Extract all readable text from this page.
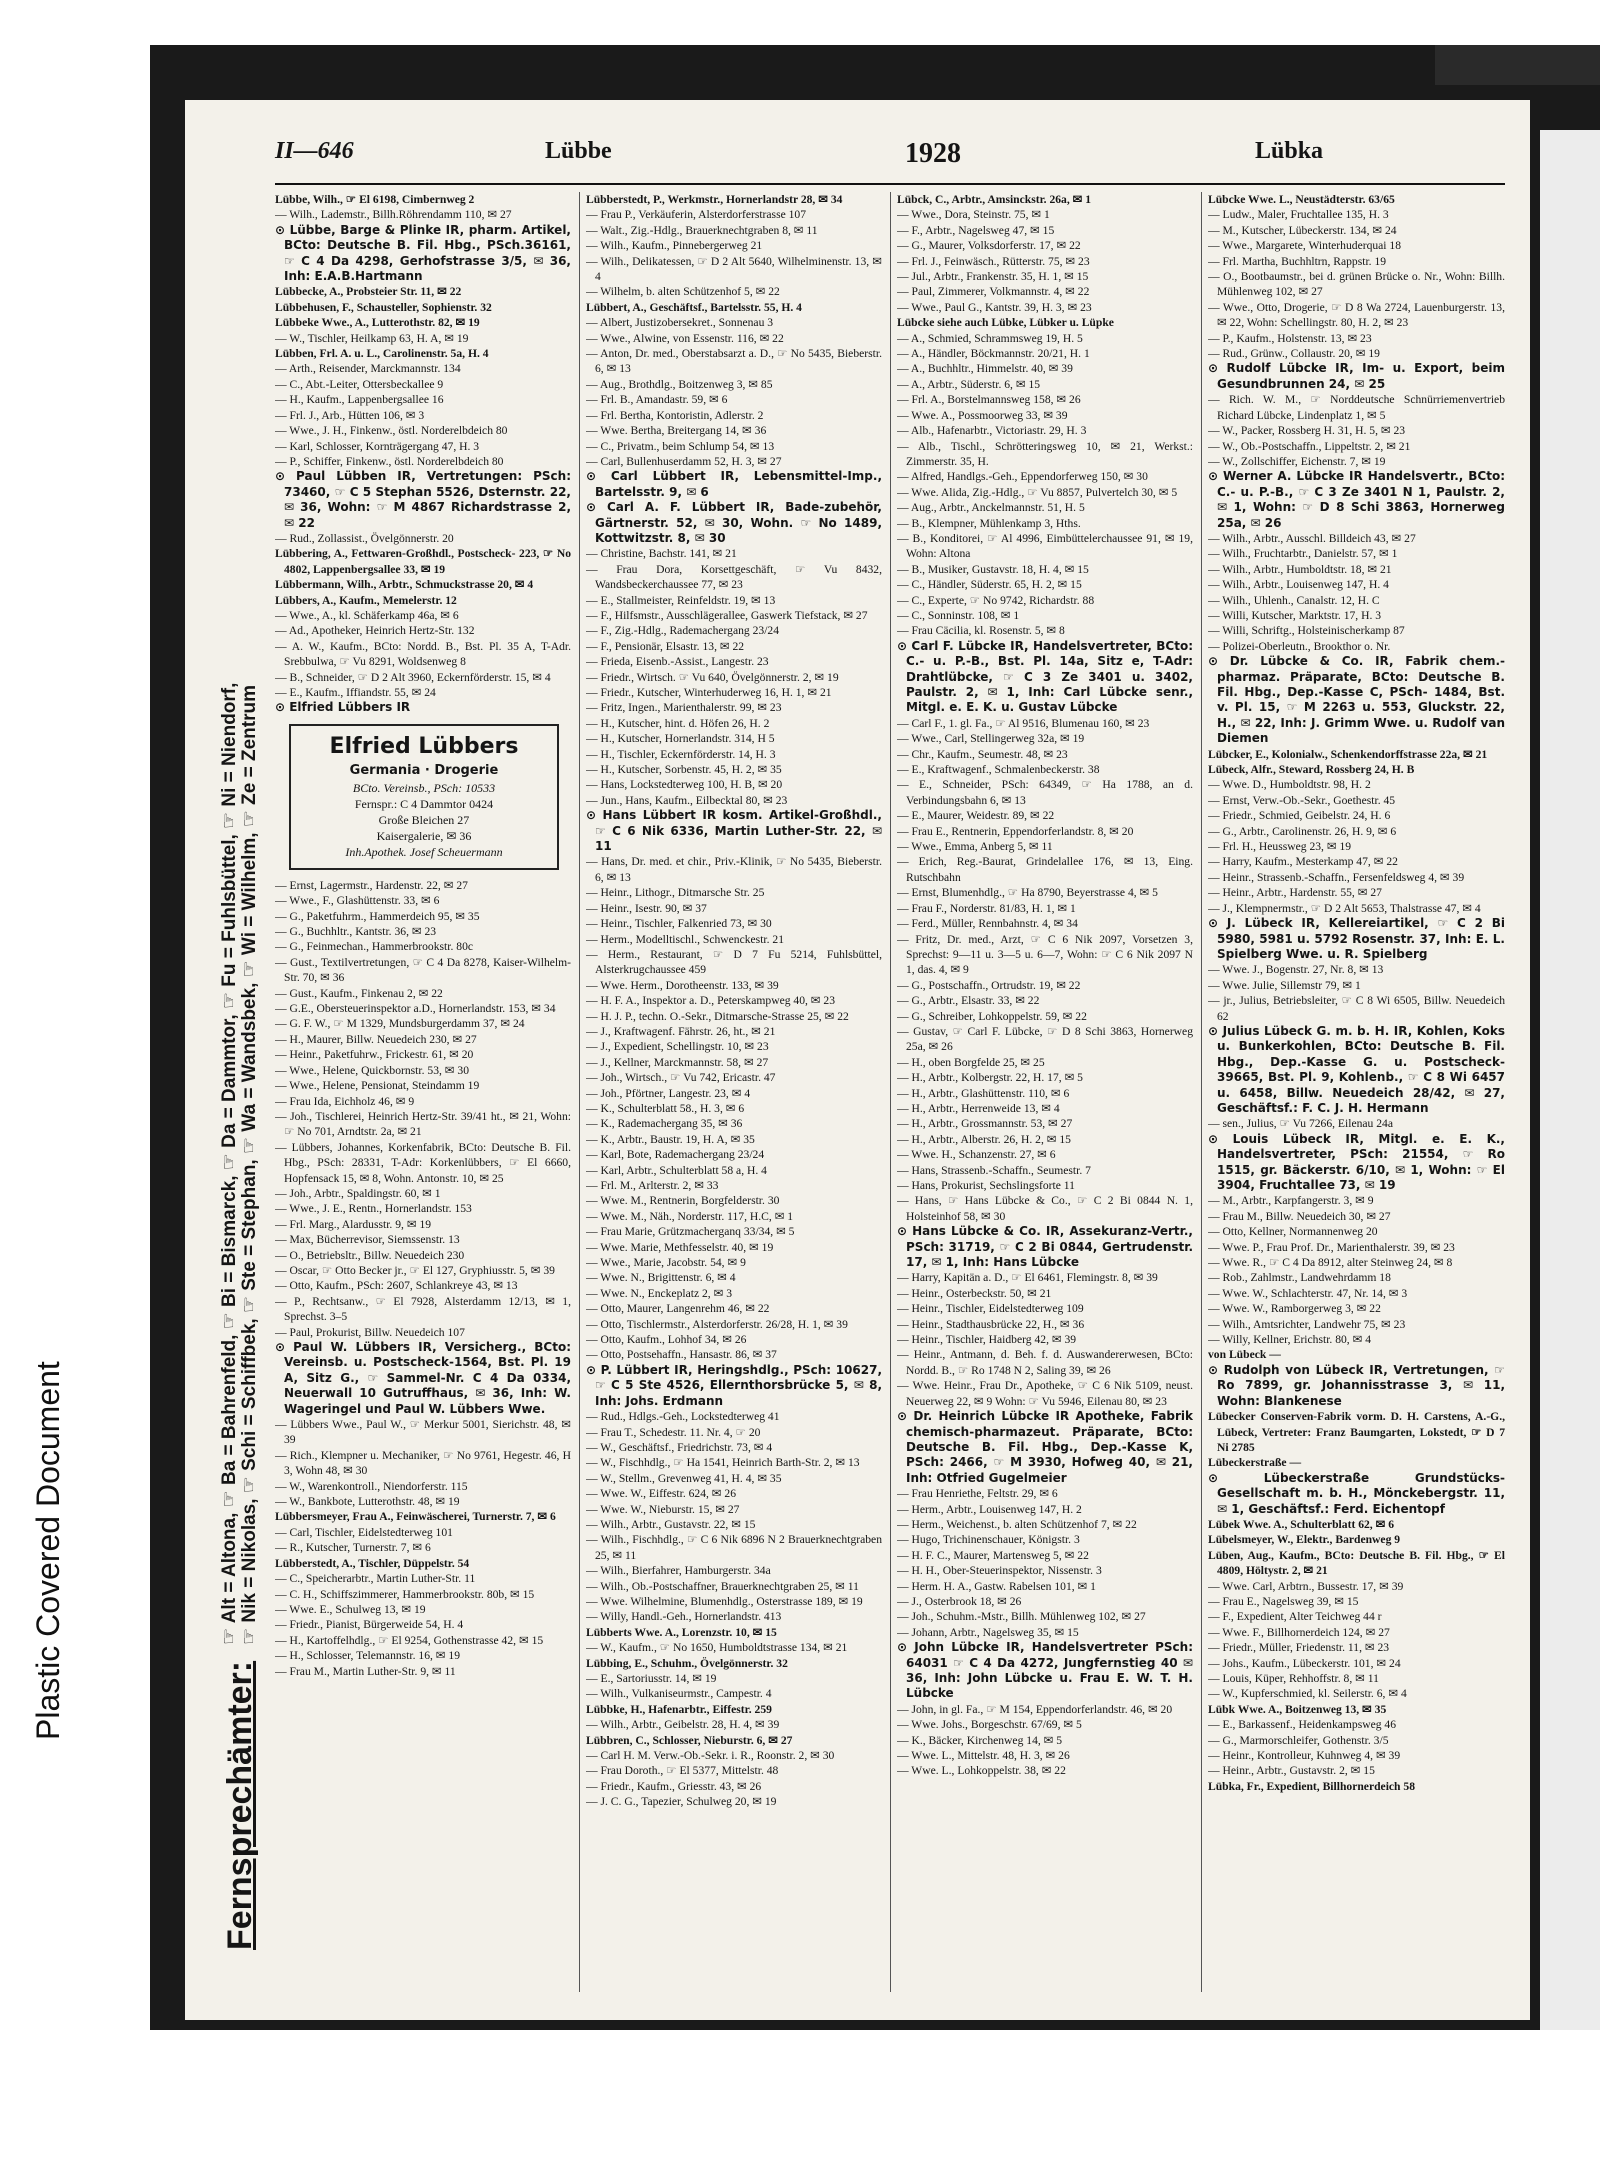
Plastic Covered Document
Fernsprechämter:
☞ Alt = Altona, ☞ Ba = Bahrenfeld, ☞ Bi = Bismarck, ☞ Da = Dammtor, ☞ Fu = Fuhlsbüttel, ☞ Ni = Niendorf,
☞ Nik = Nikolas, ☞ Schi = Schiffbek, ☞ Ste = Stephan, ☞ Wa = Wandsbek, ☞ Wi = Wilhelm, ☞ Ze = Zentrum
II—646	Lübbe	1928	Lübka

Lübbe, Wilh., ☞ El 6198, Cimbernweg 2

— Wilh., Lademstr., Billh.Röhrendamm 110, ✉ 27

⊙ Lübbe, Barge & Plinke IR, pharm. Artikel, BCto: Deutsche B. Fil. Hbg., PSch.36161, ☞ C 4 Da 4298, Gerhofstrasse 3/5, ✉ 36, Inh: E.A.B.Hartmann

Lübbecke, A., Probsteier Str. 11, ✉ 22

Lübbehusen, F., Schausteller, Sophienstr. 32

Lübbeke Wwe., A., Lutterothstr. 82, ✉ 19

— W., Tischler, Heilkamp 63, H. A, ✉ 19

Lübben, Frl. A. u. L., Carolinenstr. 5a, H. 4

— Arth., Reisender, Marckmannstr. 134

— C., Abt.-Leiter, Ottersbeckallee 9

— H., Kaufm., Lappenbergsallee 16

— Frl. J., Arb., Hütten 106, ✉ 3

— Wwe., J. H., Finkenw., östl. Norderelbdeich 80

— Karl, Schlosser, Kornträgergang 47, H. 3

— P., Schiffer, Finkenw., östl. Norderelbdeich 80

⊙ Paul Lübben IR, Vertretungen: PSch: 73460, ☞ C 5 Stephan 5526, Dsternstr. 22, ✉ 36, Wohn: ☞ M 4867 Richardstrasse 2, ✉ 22

— Rud., Zollassist., Övelgönnerstr. 20

Lübbering, A., Fettwaren-Großhdl., Postscheck- 223, ☞ No 4802, Lappenbergsallee 33, ✉ 19

Lübbermann, Wilh., Arbtr., Schmuckstrasse 20, ✉ 4

Lübbers, A., Kaufm., Memelerstr. 12

— Wwe., A., kl. Schäferkamp 46a, ✉ 6

— Ad., Apotheker, Heinrich Hertz-Str. 132

— A. W., Kaufm., BCto: Nordd. B., Bst. Pl. 35 A, T-Adr. Srebbulwa, ☞ Vu 8291, Woldsenweg 8

— B., Schneider, ☞ D 2 Alt 3960, Eckernförderstr. 15, ✉ 4

— E., Kaufm., Iffiandstr. 55, ✉ 24

⊙ Elfried Lübbers IR

Elfried Lübbers
Germania · Drogerie
BCto. Vereinsb., PSch: 10533
Fernspr.: C 4 Dammtor 0424
Große Bleichen 27
Kaisergalerie, ✉ 36
Inh.Apothek. Josef Scheuermann

— Ernst, Lagermstr., Hardenstr. 22, ✉ 27

— Wwe., F., Glashüttenstr. 33, ✉ 6

— G., Paketfuhrm., Hammerdeich 95, ✉ 35

— G., Buchhltr., Kantstr. 36, ✉ 23

— G., Feinmechan., Hammerbrookstr. 80c

— Gust., Textilvertretungen, ☞ C 4 Da 8278, Kaiser-Wilhelm-Str. 70, ✉ 36

— Gust., Kaufm., Finkenau 2, ✉ 22

— G.E., Obersteuerinspektor a.D., Hornerlandstr. 153, ✉ 34

— G. F. W., ☞ M 1329, Mundsburgerdamm 37, ✉ 24

— H., Maurer, Billw. Neuedeich 230, ✉ 27

— Heinr., Paketfuhrw., Frickestr. 61, ✉ 20

— Wwe., Helene, Quickbornstr. 53, ✉ 30

— Wwe., Helene, Pensionat, Steindamm 19

— Frau Ida, Eichholz 46, ✉ 9

— Joh., Tischlerei, Heinrich Hertz-Str. 39/41 ht., ✉ 21, Wohn: ☞ No 701, Arndtstr. 2a, ✉ 21

— Lübbers, Johannes, Korkenfabrik, BCto: Deutsche B. Fil. Hbg., PSch: 28331, T-Adr: Korkenlübbers, ☞ El 6660, Hopfensack 15, ✉ 8, Wohn. Antonstr. 10, ✉ 25

— Joh., Arbtr., Spaldingstr. 60, ✉ 1

— Wwe., J. E., Rentn., Hornerlandstr. 153

— Frl. Marg., Alardusstr. 9, ✉ 19

— Max, Bücherrevisor, Siemssenstr. 13

— O., Betriebsltr., Billw. Neuedeich 230

— Oscar, ☞ Otto Becker jr., ☞ El 127, Gryphiusstr. 5, ✉ 39

— Otto, Kaufm., PSch: 2607, Schlankreye 43, ✉ 13

— P., Rechtsanw., ☞ El 7928, Alsterdamm 12/13, ✉ 1, Sprechst. 3–5

— Paul, Prokurist, Billw. Neuedeich 107

⊙ Paul W. Lübbers IR, Versicherg., BCto: Vereinsb. u. Postscheck-1564, Bst. Pl. 19 A, Sitz G., ☞ Sammel-Nr. C 4 Da 0334, Neuerwall 10 Gutruffhaus, ✉ 36, Inh: W. Wageringel und Paul W. Lübbers Wwe.

— Lübbers Wwe., Paul W., ☞ Merkur 5001, Sierichstr. 48, ✉ 39

— Rich., Klempner u. Mechaniker, ☞ No 9761, Hegestr. 46, H 3, Wohn 48, ✉ 30

— W., Warenkontroll., Niendorferstr. 115

— W., Bankbote, Lutterothstr. 48, ✉ 19

Lübbersmeyer, Frau A., Feinwäscherei, Turnerstr. 7, ✉ 6

— Carl, Tischler, Eidelstedterweg 101

— R., Kutscher, Turnerstr. 7, ✉ 6

Lübberstedt, A., Tischler, Düppelstr. 54

— C., Speicherarbtr., Martin Luther-Str. 11

— C. H., Schiffszimmerer, Hammerbrookstr. 80b, ✉ 15

— Wwe. E., Schulweg 13, ✉ 19

— Friedr., Pianist, Bürgerweide 54, H. 4

— H., Kartoffelhdlg., ☞ El 9254, Gothenstrasse 42, ✉ 15

— H., Schlosser, Telemannstr. 16, ✉ 19

— Frau M., Martin Luther-Str. 9, ✉ 11

Lübberstedt, P., Werkmstr., Hornerlandstr 28, ✉ 34

— Frau P., Verkäuferin, Alsterdorferstrasse 107

— Walt., Zig.-Hdlg., Brauerknechtgraben 8, ✉ 11

— Wilh., Kaufm., Pinnebergerweg 21

— Wilh., Delikatessen, ☞ D 2 Alt 5640, Wilhelminenstr. 13, ✉ 4

— Wilhelm, b. alten Schützenhof 5, ✉ 22

Lübbert, A., Geschäftsf., Bartelsstr. 55, H. 4

— Albert, Justizobersekret., Sonnenau 3

— Wwe., Alwine, von Essenstr. 116, ✉ 22

— Anton, Dr. med., Oberstabsarzt a. D., ☞ No 5435, Bieberstr. 6, ✉ 13

— Aug., Brothdlg., Boitzenweg 3, ✉ 85

— Frl. B., Amandastr. 59, ✉ 6

— Frl. Bertha, Kontoristin, Adlerstr. 2

— Wwe. Bertha, Breitergang 14, ✉ 36

— C., Privatm., beim Schlump 54, ✉ 13

— Carl, Bullenhuserdamm 52, H. 3, ✉ 27

⊙ Carl Lübbert IR, Lebensmittel-Imp., Bartelsstr. 9, ✉ 6

⊙ Carl A. F. Lübbert IR, Bade-zubehör, Gärtnerstr. 52, ✉ 30, Wohn. ☞ No 1489, Kottwitzstr. 8, ✉ 30

— Christine, Bachstr. 141, ✉ 21

— Frau Dora, Korsettgeschäft, ☞ Vu 8432, Wandsbeckerchaussee 77, ✉ 23

— E., Stallmeister, Reinfeldstr. 19, ✉ 13

— F., Hilfsmstr., Ausschlägerallee, Gaswerk Tiefstack, ✉ 27

— F., Zig.-Hdlg., Rademachergang 23/24

— F., Pensionär, Elsastr. 13, ✉ 22

— Frieda, Eisenb.-Assist., Langestr. 23

— Friedr., Wirtsch. ☞ Vu 640, Övelgönnerstr. 2, ✉ 19

— Friedr., Kutscher, Winterhuderweg 16, H. 1, ✉ 21

— Fritz, Ingen., Marienthalerstr. 99, ✉ 23

— H., Kutscher, hint. d. Höfen 26, H. 2

— H., Kutscher, Hornerlandstr. 314, H 5

— H., Tischler, Eckernförderstr. 14, H. 3

— H., Kutscher, Sorbenstr. 45, H. 2, ✉ 35

— Hans, Lockstedterweg 100, H. B, ✉ 20

— Jun., Hans, Kaufm., Eilbecktal 80, ✉ 23

⊙ Hans Lübbert IR kosm. Artikel-Großhdl., ☞ C 6 Nik 6336, Martin Luther-Str. 22, ✉ 11

— Hans, Dr. med. et chir., Priv.-Klinik, ☞ No 5435, Bieberstr. 6, ✉ 13

— Heinr., Lithogr., Ditmarsche Str. 25

— Heinr., Isestr. 90, ✉ 37

— Heinr., Tischler, Falkenried 73, ✉ 30

— Herm., Modelltischl., Schwenckestr. 21

— Herm., Restaurant, ☞ D 7 Fu 5214, Fuhlsbüttel, Alsterkrugchaussee 459

— Wwe. Herm., Dorotheenstr. 133, ✉ 39

— H. F. A., Inspektor a. D., Peterskampweg 40, ✉ 23

— H. J. P., techn. O.-Sekr., Ditmarsche-Strasse 25, ✉ 22

— J., Kraftwagenf. Fährstr. 26, ht., ✉ 21

— J., Expedient, Schellingstr. 10, ✉ 23

— J., Kellner, Marckmannstr. 58, ✉ 27

— Joh., Wirtsch., ☞ Vu 742, Ericastr. 47

— Joh., Pförtner, Langestr. 23, ✉ 4

— K., Schulterblatt 58., H. 3, ✉ 6

— K., Rademachergang 35, ✉ 36

— K., Arbtr., Baustr. 19, H. A, ✉ 35

— Karl, Bote, Rademachergang 23/24

— Karl, Arbtr., Schulterblatt 58 a, H. 4

— Frl. M., Arlterstr. 2, ✉ 33

— Wwe. M., Rentnerin, Borgfelderstr. 30

— Wwe. M., Näh., Norderstr. 117, H.C, ✉ 1

— Frau Marie, Grützmacherganq 33/34, ✉ 5

— Wwe. Marie, Methfesselstr. 40, ✉ 19

— Wwe., Marie, Jacobstr. 54, ✉ 9

— Wwe. N., Brigittenstr. 6, ✉ 4

— Wwe. N., Enckeplatz 2, ✉ 3

— Otto, Maurer, Langenrehm 46, ✉ 22

— Otto, Tischlermstr., Alsterdorferstr. 26/28, H. 1, ✉ 39

— Otto, Kaufm., Lohhof 34, ✉ 26

— Otto, Postsehaffn., Hansastr. 86, ✉ 37

⊙ P. Lübbert IR, Heringshdlg., PSch: 10627, ☞ C 5 Ste 4526, Ellernthorsbrücke 5, ✉ 8, Inh: Johs. Erdmann

— Rud., Hdlgs.-Geh., Lockstedterweg 41

— Frau T., Schedestr. 11. Nr. 4, ☞ 20

— W., Geschäftsf., Friedrichstr. 73, ✉ 4

— W., Fischhdlg., ☞ Ha 1541, Heinrich Barth-Str. 2, ✉ 13

— W., Stellm., Grevenweg 41, H. 4, ✉ 35

— Wwe. W., Eiffestr. 624, ✉ 26

— Wwe. W., Nieburstr. 15, ✉ 27

— Wilh., Arbtr., Gustavstr. 22, ✉ 15

— Wilh., Fischhdlg., ☞ C 6 Nik 6896 N 2 Brauerknechtgraben 25, ✉ 11

— Wilh., Bierfahrer, Hamburgerstr. 34a

— Wilh., Ob.-Postschaffner, Brauerknechtgraben 25, ✉ 11

— Wwe. Wilhelmine, Blumenhdlg., Osterstrasse 189, ✉ 19

— Willy, Handl.-Geh., Hornerlandstr. 413

Lübberts Wwe. A., Lorenzstr. 10, ✉ 15

— W., Kaufm., ☞ No 1650, Humboldtstrasse 134, ✉ 21

Lübbing, E., Schuhm., Övelgönnerstr. 32

— E., Sartoriusstr. 14, ✉ 19

— Wilh., Vulkaniseurmstr., Campestr. 4

Lübbke, H., Hafenarbtr., Eiffestr. 259

— Wilh., Arbtr., Geibelstr. 28, H. 4, ✉ 39

Lübbren, C., Schlosser, Nieburstr. 6, ✉ 27

— Carl H. M. Verw.-Ob.-Sekr. i. R., Roonstr. 2, ✉ 30

— Frau Doroth., ☞ El 5377, Mittelstr. 48

— Friedr., Kaufm., Griesstr. 43, ✉ 26

— J. C. G., Tapezier, Schulweg 20, ✉ 19

Lübck, C., Arbtr., Amsinckstr. 26a, ✉ 1

— Wwe., Dora, Steinstr. 75, ✉ 1

— F., Arbtr., Nagelsweg 47, ✉ 15

— G., Maurer, Volksdorferstr. 17, ✉ 22

— Frl. J., Feinwäsch., Rütterstr. 75, ✉ 23

— Jul., Arbtr., Frankenstr. 35, H. 1, ✉ 15

— Paul, Zimmerer, Volkmannstr. 4, ✉ 22

— Wwe., Paul G., Kantstr. 39, H. 3, ✉ 23

Lübcke siehe auch Lübke, Lübker u. Lüpke

— A., Schmied, Schrammsweg 19, H. 5

— A., Händler, Böckmannstr. 20/21, H. 1

— A., Buchhltr., Himmelstr. 40, ✉ 39

— A., Arbtr., Süderstr. 6, ✉ 15

— Frl. A., Borstelmannsweg 158, ✉ 26

— Wwe. A., Possmoorweg 33, ✉ 39

— Alb., Hafenarbtr., Victoriastr. 29, H. 3

— Alb., Tischl., Schrötteringsweg 10, ✉ 21, Werkst.: Zimmerstr. 35, H.

— Alfred, Handlgs.-Geh., Eppendorferweg 150, ✉ 30

— Wwe. Alida, Zig.-Hdlg., ☞ Vu 8857, Pulvertelch 30, ✉ 5

— Aug., Arbtr., Anckelmannstr. 51, H. 5

— B., Klempner, Mühlenkamp 3, Hths.

— B., Konditorei, ☞ Al 4996, Eimbüttelerchaussee 91, ✉ 19, Wohn: Altona

— B., Musiker, Gustavstr. 18, H. 4, ✉ 15

— C., Händler, Süderstr. 65, H. 2, ✉ 15

— C., Experte, ☞ No 9742, Richardstr. 88

— C., Sonninstr. 108, ✉ 1

— Frau Cäcilia, kl. Rosenstr. 5, ✉ 8

⊙ Carl F. Lübcke IR, Handelsvertreter, BCto: C.- u. P.-B., Bst. Pl. 14a, Sitz e, T-Adr: Drahtlübcke, ☞ C 3 Ze 3401 u. 3402, Paulstr. 2, ✉ 1, Inh: Carl Lübcke senr., Mitgl. e. E. K. u. Gustav Lübcke

— Carl F., 1. gl. Fa., ☞ Al 9516, Blumenau 160, ✉ 23

— Wwe., Carl, Stellingerweg 32a, ✉ 19

— Chr., Kaufm., Seumestr. 48, ✉ 23

— E., Kraftwagenf., Schmalenbeckerstr. 38

— E., Schneider, PSch: 64349, ☞ Ha 1788, an d. Verbindungsbahn 6, ✉ 13

— E., Maurer, Weidestr. 89, ✉ 22

— Frau E., Rentnerin, Eppendorferlandstr. 8, ✉ 20

— Wwe., Emma, Anberg 5, ✉ 11

— Erich, Reg.-Baurat, Grindelallee 176, ✉ 13, Eing. Rutschbahn

— Ernst, Blumenhdlg., ☞ Ha 8790, Beyerstrasse 4, ✉ 5

— Frau F., Norderstr. 81/83, H. 1, ✉ 1

— Ferd., Müller, Rennbahnstr. 4, ✉ 34

— Fritz, Dr. med., Arzt, ☞ C 6 Nik 2097, Vorsetzen 3, Sprechst: 9—11 u. 3—5 u. 6—7, Wohn: ☞ C 6 Nik 2097 N 1, das. 4, ✉ 9

— G., Postschaffn., Ortrudstr. 19, ✉ 22

— G., Arbtr., Elsastr. 33, ✉ 22

— G., Schreiber, Lohkoppelstr. 59, ✉ 22

— Gustav, ☞ Carl F. Lübcke, ☞ D 8 Schi 3863, Hornerweg 25a, ✉ 26

— H., oben Borgfelde 25, ✉ 25

— H., Arbtr., Kolbergstr. 22, H. 17, ✉ 5

— H., Arbtr., Glashüttenstr. 110, ✉ 6

— H., Arbtr., Herrenweide 13, ✉ 4

— H., Arbtr., Grossmannstr. 53, ✉ 27

— H., Arbtr., Alberstr. 26, H. 2, ✉ 15

— Wwe. H., Schanzenstr. 27, ✉ 6

— Hans, Strassenb.-Schaffn., Seumestr. 7

— Hans, Prokurist, Sechslingsforte 11

— Hans, ☞ Hans Lübcke & Co., ☞ C 2 Bi 0844 N. 1, Holsteinhof 58, ✉ 30

⊙ Hans Lübcke & Co. IR, Assekuranz-Vertr., PSch: 31719, ☞ C 2 Bi 0844, Gertrudenstr. 17, ✉ 1, Inh: Hans Lübcke

— Harry, Kapitän a. D., ☞ El 6461, Flemingstr. 8, ✉ 39

— Heinr., Osterbeckstr. 50, ✉ 21

— Heinr., Tischler, Eidelstedterweg 109

— Heinr., Stadthausbrücke 22, H., ✉ 36

— Heinr., Tischler, Haidberg 42, ✉ 39

— Heinr., Antmann, d. Beh. f. d. Auswandererwesen, BCto: Nordd. B., ☞ Ro 1748 N 2, Saling 39, ✉ 26

— Wwe. Heinr., Frau Dr., Apotheke, ☞ C 6 Nik 5109, neust. Neuerweg 22, ✉ 9 Wohn: ☞ Vu 5946, Eilenau 80, ✉ 23

⊙ Dr. Heinrich Lübcke IR Apotheke, Fabrik chemisch-pharmazeut. Präparate, BCto: Deutsche B. Fil. Hbg., Dep.-Kasse K, PSch: 2466, ☞ M 3930, Hofweg 40, ✉ 21, Inh: Otfried Gugelmeier

— Frau Henriethe, Feltstr. 29, ✉ 6

— Herm., Arbtr., Louisenweg 147, H. 2

— Herm., Weichenst., b. alten Schützenhof 7, ✉ 22

— Hugo, Trichinenschauer, Königstr. 3

— H. F. C., Maurer, Martensweg 5, ✉ 22

— H. H., Ober-Steuerinspektor, Nissenstr. 3

— Herm. H. A., Gastw. Rabelsen 101, ✉ 1

— J., Osterbrook 18, ✉ 26

— Joh., Schuhm.-Mstr., Billh. Mühlenweg 102, ✉ 27

— Johann, Arbtr., Nagelsweg 35, ✉ 15

⊙ John Lübcke IR, Handelsvertreter PSch: 64031 ☞ C 4 Da 4272, Jungfernstieg 40 ✉ 36, Inh: John Lübcke u. Frau E. W. T. H. Lübcke

— John, in gl. Fa., ☞ M 154, Eppendorferlandstr. 46, ✉ 20

— Wwe. Johs., Borgeschstr. 67/69, ✉ 5

— K., Bäcker, Kirchenweg 14, ✉ 5

— Wwe. L., Mittelstr. 48, H. 3, ✉ 26

— Wwe. L., Lohkoppelstr. 38, ✉ 22

Lübcke Wwe. L., Neustädterstr. 63/65

— Ludw., Maler, Fruchtallee 135, H. 3

— M., Kutscher, Lübeckerstr. 134, ✉ 24

— Wwe., Margarete, Winterhuderquai 18

— Frl. Martha, Buchhltrn, Rappstr. 19

— O., Bootbaumstr., bei d. grünen Brücke o. Nr., Wohn: Billh. Mühlenweg 102, ✉ 27

— Wwe., Otto, Drogerie, ☞ D 8 Wa 2724, Lauenburgerstr. 13, ✉ 22, Wohn: Schellingstr. 80, H. 2, ✉ 23

— P., Kaufm., Holstenstr. 13, ✉ 23

— Rud., Grünw., Collaustr. 20, ✉ 19

⊙ Rudolf Lübcke IR, Im- u. Export, beim Gesundbrunnen 24, ✉ 25

— Rich. W. M., ☞ Norddeutsche Schnürriemenvertrieb Richard Lübcke, Lindenplatz 1, ✉ 5

— W., Packer, Rossberg H. 31, H. 5, ✉ 23

— W., Ob.-Postschaffn., Lippeltstr. 2, ✉ 21

— W., Zollschiffer, Eichenstr. 7, ✉ 19

⊙ Werner A. Lübcke IR Handelsvertr., BCto: C.- u. P.-B., ☞ C 3 Ze 3401 N 1, Paulstr. 2, ✉ 1, Wohn: ☞ D 8 Schi 3863, Hornerweg 25a, ✉ 26

— Wilh., Arbtr., Ausschl. Billdeich 43, ✉ 27

— Wilh., Fruchtarbtr., Danielstr. 57, ✉ 1

— Wilh., Arbtr., Humboldtstr. 18, ✉ 21

— Wilh., Arbtr., Louisenweg 147, H. 4

— Wilh., Uhlenh., Canalstr. 12, H. C

— Willi, Kutscher, Marktstr. 17, H. 3

— Willi, Schriftg., Holsteinischerkamp 87

— Polizei-Oberleutn., Brookthor o. Nr.

⊙ Dr. Lübcke & Co. IR, Fabrik chem.-pharmaz. Präparate, BCto: Deutsche B. Fil. Hbg., Dep.-Kasse C, PSch- 1484, Bst. v. Pl. 15, ☞ M 2263 u. 553, Gluckstr. 22, H., ✉ 22, Inh: J. Grimm Wwe. u. Rudolf van Diemen

Lübcker, E., Kolonialw., Schenkendorffstrasse 22a, ✉ 21

Lübeck, Alfr., Steward, Rossberg 24, H. B

— Wwe. D., Humboldtstr. 98, H. 2

— Ernst, Verw.-Ob.-Sekr., Goethestr. 45

— Friedr., Schmied, Geibelstr. 24, H. 6

— G., Arbtr., Carolinenstr. 26, H. 9, ✉ 6

— Frl. H., Heussweg 23, ✉ 19

— Harry, Kaufm., Mesterkamp 47, ✉ 22

— Heinr., Strassenb.-Schaffn., Fersenfeldsweg 4, ✉ 39

— Heinr., Arbtr., Hardenstr. 55, ✉ 27

— J., Klempnermstr., ☞ D 2 Alt 5653, Thalstrasse 47, ✉ 4

⊙ J. Lübeck IR, Kellereiartikel, ☞ C 2 Bi 5980, 5981 u. 5792 Rosenstr. 37, Inh: E. L. Spielberg Wwe. u. R. Spielberg

— Wwe. J., Bogenstr. 27, Nr. 8, ✉ 13

— Wwe. Julie, Sillemstr 79, ✉ 1

— jr., Julius, Betriebsleiter, ☞ C 8 Wi 6505, Billw. Neuedeich 62

⊙ Julius Lübeck G. m. b. H. IR, Kohlen, Koks u. Bunkerkohlen, BCto: Deutsche B. Fil. Hbg., Dep.-Kasse G. u. Postscheck- 39665, Bst. Pl. 9, Kohlenb., ☞ C 8 Wi 6457 u. 6458, Billw. Neuedeich 28/42, ✉ 27, Geschäftsf.: F. C. J. H. Hermann

— sen., Julius, ☞ Vu 7266, Eilenau 24a

⊙ Louis Lübeck IR, Mitgl. e. E. K., Handelsvertreter, PSch: 21554, ☞ Ro 1515, gr. Bäckerstr. 6/10, ✉ 1, Wohn: ☞ El 3904, Fruchtallee 73, ✉ 19

— M., Arbtr., Karpfangerstr. 3, ✉ 9

— Frau M., Billw. Neuedeich 30, ✉ 27

— Otto, Kellner, Normannenweg 20

— Wwe. P., Frau Prof. Dr., Marienthalerstr. 39, ✉ 23

— Wwe. R., ☞ C 4 Da 8912, alter Steinweg 24, ✉ 8

— Rob., Zahlmstr., Landwehrdamm 18

— Wwe. W., Schlachterstr. 47, Nr. 14, ✉ 3

— Wwe. W., Ramborgerweg 3, ✉ 22

— Wilh., Amtsrichter, Landwehr 75, ✉ 23

— Willy, Kellner, Erichstr. 80, ✉ 4

von Lübeck —

⊙ Rudolph von Lübeck IR, Vertretungen, ☞ Ro 7899, gr. Johannisstrasse 3, ✉ 11, Wohn: Blankenese

Lübecker Conserven-Fabrik vorm. D. H. Carstens, A.-G., Lübeck, Vertreter: Franz Baumgarten, Lokstedt, ☞ D 7 Ni 2785

Lübeckerstraße —

⊙ Lübeckerstraße Grundstücks-Gesellschaft m. b. H., Mönckebergstr. 11, ✉ 1, Geschäftsf.: Ferd. Eichentopf

Lübek Wwe. A., Schulterblatt 62, ✉ 6

Lübelsmeyer, W., Elektr., Bardenweg 9

Lüben, Aug., Kaufm., BCto: Deutsche B. Fil. Hbg., ☞ El 4809, Höltystr. 2, ✉ 21

— Wwe. Carl, Arbtrn., Bussestr. 17, ✉ 39

— Frau E., Nagelsweg 39, ✉ 15

— F., Expedient, Alter Teichweg 44 r

— Wwe. F., Billhornerdeich 124, ✉ 27

— Friedr., Müller, Friedenstr. 11, ✉ 23

— Johs., Kaufm., Lübeckerstr. 101, ✉ 24

— Louis, Küper, Rehhoffstr. 8, ✉ 11

— W., Kupferschmied, kl. Seilerstr. 6, ✉ 4

Lübk Wwe. A., Boitzenweg 13, ✉ 35

— E., Barkassenf., Heidenkampsweg 46

— G., Marmorschleifer, Gothenstr. 3/5

— Heinr., Kontrolleur, Kuhnweg 4, ✉ 39

— Heinr., Arbtr., Gustavstr. 2, ✉ 15

Lübka, Fr., Expedient, Billhornerdeich 58
